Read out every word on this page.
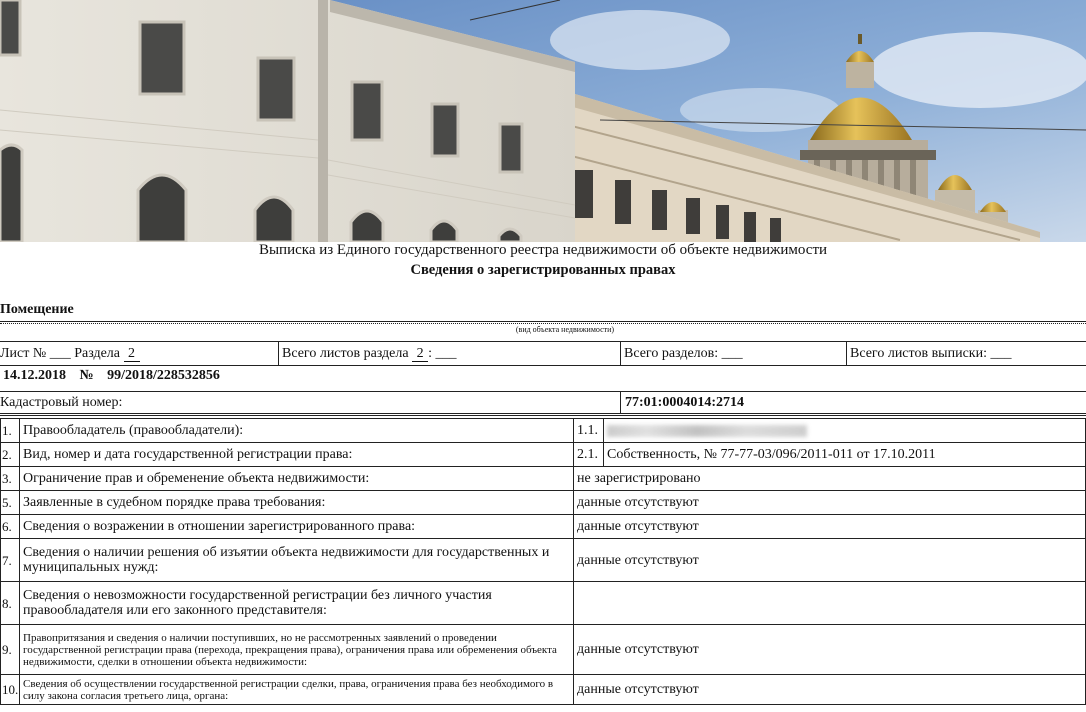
Выписка из Единого государственного реестра недвижимости об объекте недвижимости
Сведения о зарегистрированных правах
Помещение
(вид объекта недвижимости)
Лист № ___ Раздела 2	Всего листов раздела 2 : ___	Всего разделов: ___	Всего листов выписки: ___
14.12.2018 № 99/2018/228532856
Кадастровый номер:	77:01:0004014:2714
1.	Правообладатель (правообладатели):	1.1.	
2.	Вид, номер и дата государственной регистрации права:	2.1.	Собственность, № 77-77-03/096/2011-011 от 17.10.2011
3.	Ограничение прав и обременение объекта недвижимости:	не зарегистрировано	
5.	Заявленные в судебном порядке права требования:	данные отсутствуют	
6.	Сведения о возражении в отношении зарегистрированного права:	данные отсутствуют	
7.	Сведения о наличии решения об изъятии объекта недвижимости для государственных и муниципальных нужд:	данные отсутствуют	
8.	Сведения о невозможности государственной регистрации без личного участия правообладателя или его законного представителя:		
9.	Правопритязания и сведения о наличии поступивших, но не рассмотренных заявлений о проведении государственной регистрации права (перехода, прекращения права), ограничения права или обременения объекта недвижимости, сделки в отношении объекта недвижимости:	данные отсутствуют	
10.	Сведения об осуществлении государственной регистрации сделки, права, ограничения права без необходимого в силу закона согласия третьего лица, органа:	данные отсутствуют	
